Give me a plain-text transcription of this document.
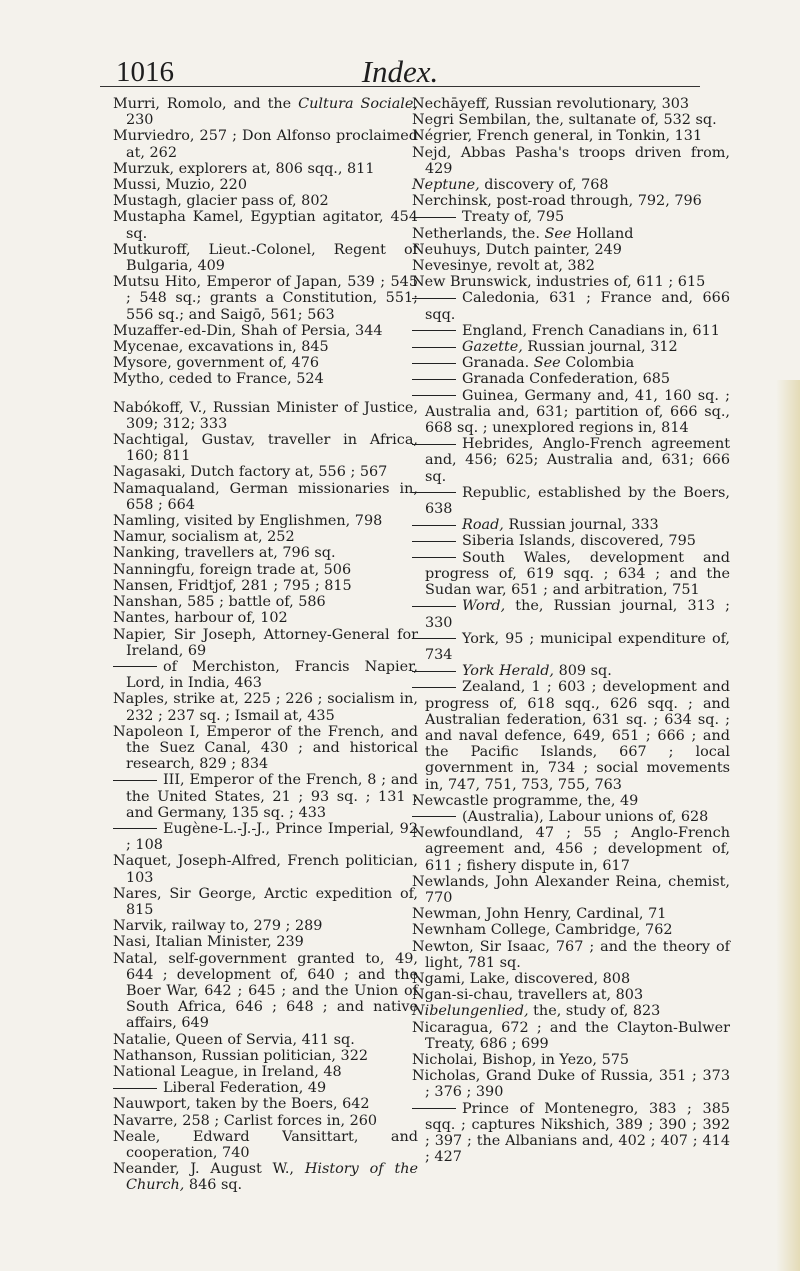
1016	Index.
Murri, Romolo, and the Cultura Sociale, 230
Murviedro, 257 ; Don Alfonso proclaimed at, 262
Murzuk, explorers at, 806 sqq., 811
Mussi, Muzio, 220
Mustagh, glacier pass of, 802
Mustapha Kamel, Egyptian agitator, 454 sq.
Mutkuroff, Lieut.-Colonel, Regent of Bulgaria, 409
Mutsu Hito, Emperor of Japan, 539 ; 545 ; 548 sq.; grants a Constitution, 551; 556 sq.; and Saigō, 561; 563
Muzaffer-ed-Din, Shah of Persia, 344
Mycenae, excavations in, 845
Mysore, government of, 476
Mytho, ceded to France, 524
Nabókoff, V., Russian Minister of Justice, 309; 312; 333
Nachtigal, Gustav, traveller in Africa, 160; 811
Nagasaki, Dutch factory at, 556 ; 567
Namaqualand, German missionaries in, 658 ; 664
Namling, visited by Englishmen, 798
Namur, socialism at, 252
Nanking, travellers at, 796 sq.
Nanningfu, foreign trade at, 506
Nansen, Fridtjof, 281 ; 795 ; 815
Nanshan, 585 ; battle of, 586
Nantes, harbour of, 102
Napier, Sir Joseph, Attorney-General for Ireland, 69
of Merchiston, Francis Napier, Lord, in India, 463
Naples, strike at, 225 ; 226 ; socialism in, 232 ; 237 sq. ; Ismail at, 435
Napoleon I, Emperor of the French, and the Suez Canal, 430 ; and historical research, 829 ; 834
III, Emperor of the French, 8 ; and the United States, 21 ; 93 sq. ; 131 ; and Germany, 135 sq. ; 433
Eugène-L.-J.-J., Prince Imperial, 92 ; 108
Naquet, Joseph-Alfred, French politician, 103
Nares, Sir George, Arctic expedition of, 815
Narvik, railway to, 279 ; 289
Nasi, Italian Minister, 239
Natal, self-government granted to, 49, 644 ; development of, 640 ; and the Boer War, 642 ; 645 ; and the Union of South Africa, 646 ; 648 ; and native affairs, 649
Natalie, Queen of Servia, 411 sq.
Nathanson, Russian politician, 322
National League, in Ireland, 48
Liberal Federation, 49
Nauwport, taken by the Boers, 642
Navarre, 258 ; Carlist forces in, 260
Neale, Edward Vansittart, and cooperation, 740
Neander, J. August W., History of the Church, 846 sq.
Nechāyeff, Russian revolutionary, 303
Negri Sembilan, the, sultanate of, 532 sq.
Négrier, French general, in Tonkin, 131
Nejd, Abbas Pasha's troops driven from, 429
Neptune, discovery of, 768
Nerchinsk, post-road through, 792, 796
Treaty of, 795
Netherlands, the. See Holland
Neuhuys, Dutch painter, 249
Nevesinye, revolt at, 382
New Brunswick, industries of, 611 ; 615
Caledonia, 631 ; France and, 666 sqq.
England, French Canadians in, 611
Gazette, Russian journal, 312
Granada. See Colombia
Granada Confederation, 685
Guinea, Germany and, 41, 160 sq. ; Australia and, 631; partition of, 666 sq., 668 sq. ; unexplored regions in, 814
Hebrides, Anglo-French agreement and, 456; 625; Australia and, 631; 666 sq.
Republic, established by the Boers, 638
Road, Russian journal, 333
Siberia Islands, discovered, 795
South Wales, development and progress of, 619 sqq. ; 634 ; and the Sudan war, 651 ; and arbitration, 751
Word, the, Russian journal, 313 ; 330
York, 95 ; municipal expenditure of, 734
York Herald, 809 sq.
Zealand, 1 ; 603 ; development and progress of, 618 sqq., 626 sqq. ; and Australian federation, 631 sq. ; 634 sq. ; and naval defence, 649, 651 ; 666 ; and the Pacific Islands, 667 ; local government in, 734 ; social movements in, 747, 751, 753, 755, 763
Newcastle programme, the, 49
(Australia), Labour unions of, 628
Newfoundland, 47 ; 55 ; Anglo-French agreement and, 456 ; development of, 611 ; fishery dispute in, 617
Newlands, John Alexander Reina, chemist, 770
Newman, John Henry, Cardinal, 71
Newnham College, Cambridge, 762
Newton, Sir Isaac, 767 ; and the theory of light, 781 sq.
Ngami, Lake, discovered, 808
Ngan-si-chau, travellers at, 803
Nibelungenlied, the, study of, 823
Nicaragua, 672 ; and the Clayton-Bulwer Treaty, 686 ; 699
Nicholai, Bishop, in Yezo, 575
Nicholas, Grand Duke of Russia, 351 ; 373 ; 376 ; 390
Prince of Montenegro, 383 ; 385 sqq. ; captures Nikshich, 389 ; 390 ; 392 ; 397 ; the Albanians and, 402 ; 407 ; 414 ; 427
